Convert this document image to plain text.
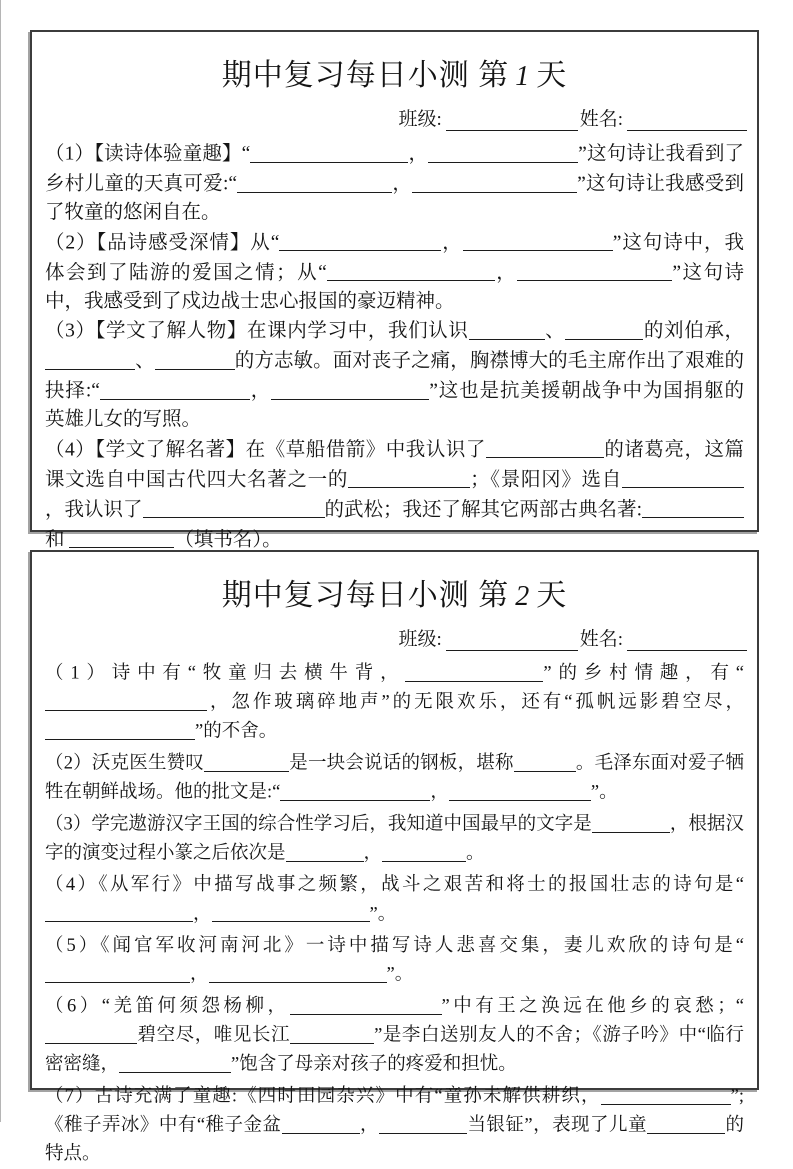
期中复习每日小测 第 1 天
班级:	姓名:

（1）【读诗体验童趣】“	，	”这句诗让我看到了乡村儿童的天真可爱:“	，	”这句诗让我感受到了牧童的悠闲自在。

（2）【品诗感受深情】从“	，	”这句诗中，我体会到了陆游的爱国之情；从“	，	”这句诗中，我感受到了戍边战士忠心报国的豪迈精神。

（3）【学文了解人物】在课内学习中，我们认识	、	的刘伯承，、	的方志敏。面对丧子之痛，胸襟博大的毛主席作出了艰难的抉择:“	，	”这也是抗美援朝战争中为国捐躯的英雄儿女的写照。

（4）【学文了解名著】在《草船借箭》中我认识了	的诸葛亮，这篇课文选自中国古代四大名著之一的	；《景阳冈》选自，我认识了	的武松；我还了解其它两部古典名著:和	（填书名）。

期中复习每日小测 第 2 天
班级:	姓名:

（1）诗中有“牧童归去横牛背，	”的乡村情趣，有“，忽作玻璃碎地声”的无限欢乐，还有“孤帆远影碧空尽，”的不舍。

（2）沃克医生赞叹	是一块会说话的钢板，堪称	。毛泽东面对爱子牺牲在朝鲜战场。他的批文是:“	，	”。

（3）学完遨游汉字王国的综合性学习后，我知道中国最早的文字是	，根据汉字的演变过程小篆之后依次是	，	。

（4）《从军行》中描写战事之频繁，战斗之艰苦和将士的报国壮志的诗句是“，	”。

（5）《闻官军收河南河北》一诗中描写诗人悲喜交集，妻儿欢欣的诗句是“，	”。

（6）“羌笛何须怨杨柳，	”中有王之涣远在他乡的哀愁；“碧空尽，唯见长江	”是李白送别友人的不舍；《游子吟》中“临行密密缝，	”饱含了母亲对孩子的疼爱和担忧。

（7）古诗充满了童趣:《四时田园杂兴》中有“童孙未解供耕织，	”;《稚子弄冰》中有“稚子金盆	，	当银钲”，表现了儿童	的特点。
